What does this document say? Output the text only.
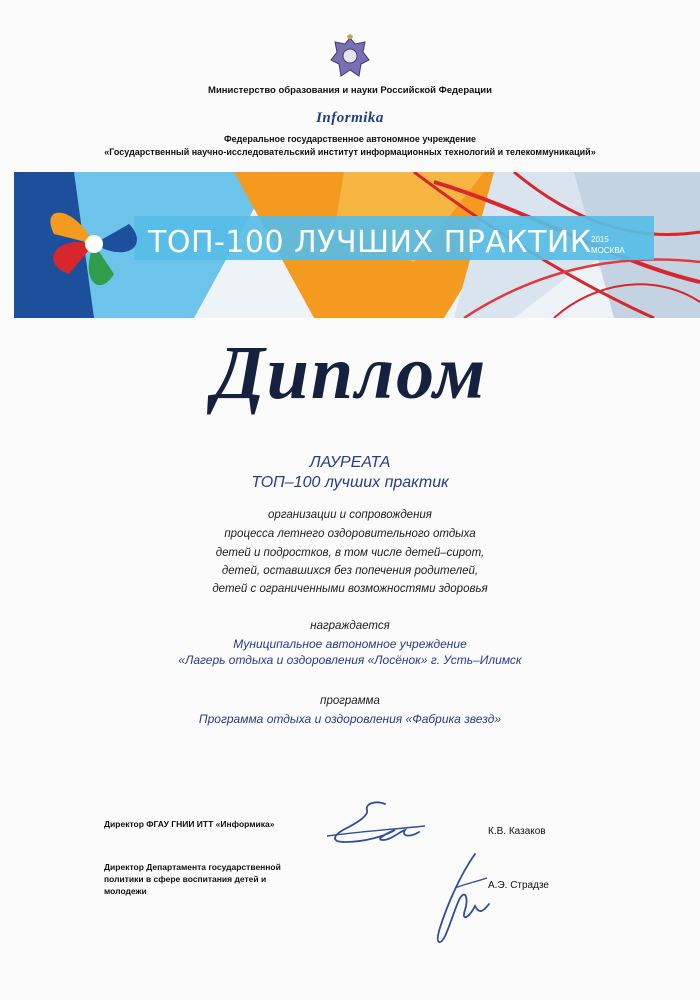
Министерство образования и науки Российской Федерации
Informika
Федеральное государственное автономное учреждение
«Государственный научно-исследовательский институт информационных технологий и телекоммуникаций»
ТОП-100 ЛУЧШИХ ПРАКТИК 2015
МОСКВА
Диплом
ЛАУРЕАТА
ТОП–100 лучших практик
организации и сопровождения
процесса летнего оздоровительного отдыха
детей и подростков, в том числе детей–сирот,
детей, оставшихся без попечения родителей,
детей с ограниченными возможностями здоровья
награждается
Муниципальное автономное учреждение
«Лагерь отдыха и оздоровления «Лосёнок» г. Усть–Илимск
программа
Программа отдыха и оздоровления «Фабрика звезд»
Директор ФГАУ ГНИИ ИТТ «Информика»
Директор Департамента государственной политики в сфере воспитания детей и молодежи
К.В. Казаков
А.Э. Страдзе
